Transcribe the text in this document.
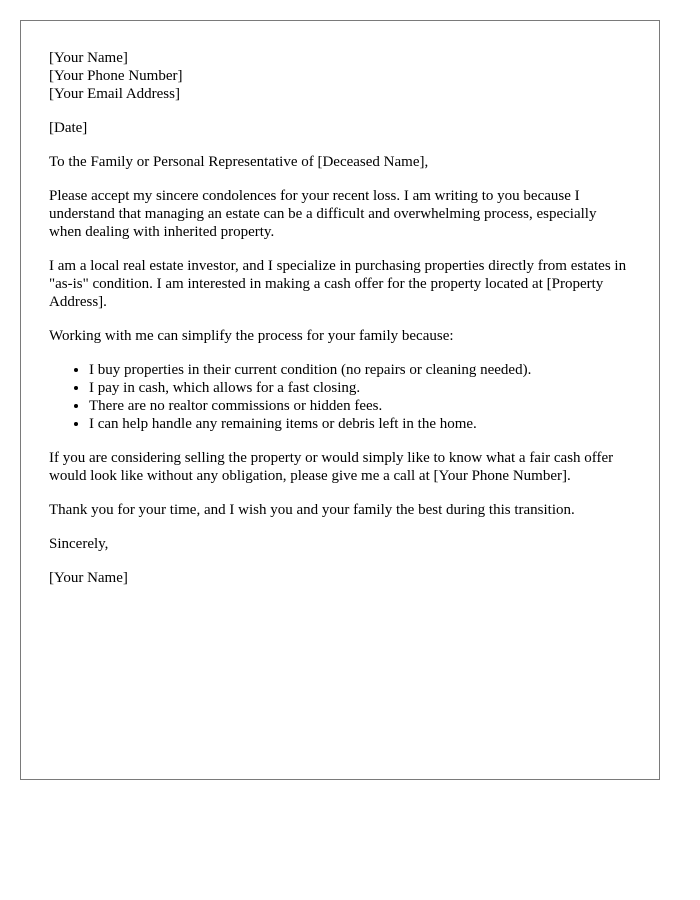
[Your Name]
[Your Phone Number]
[Your Email Address]

[Date]

To the Family or Personal Representative of [Deceased Name],

Please accept my sincere condolences for your recent loss. I am writing to you because I understand that managing an estate can be a difficult and overwhelming process, especially when dealing with inherited property.

I am a local real estate investor, and I specialize in purchasing properties directly from estates in "as-is" condition. I am interested in making a cash offer for the property located at [Property Address].

Working with me can simplify the process for your family because:

• I buy properties in their current condition (no repairs or cleaning needed).
• I pay in cash, which allows for a fast closing.
• There are no realtor commissions or hidden fees.
• I can help handle any remaining items or debris left in the home.

If you are considering selling the property or would simply like to know what a fair cash offer would look like without any obligation, please give me a call at [Your Phone Number].

Thank you for your time, and I wish you and your family the best during this transition.

Sincerely,

[Your Name]
